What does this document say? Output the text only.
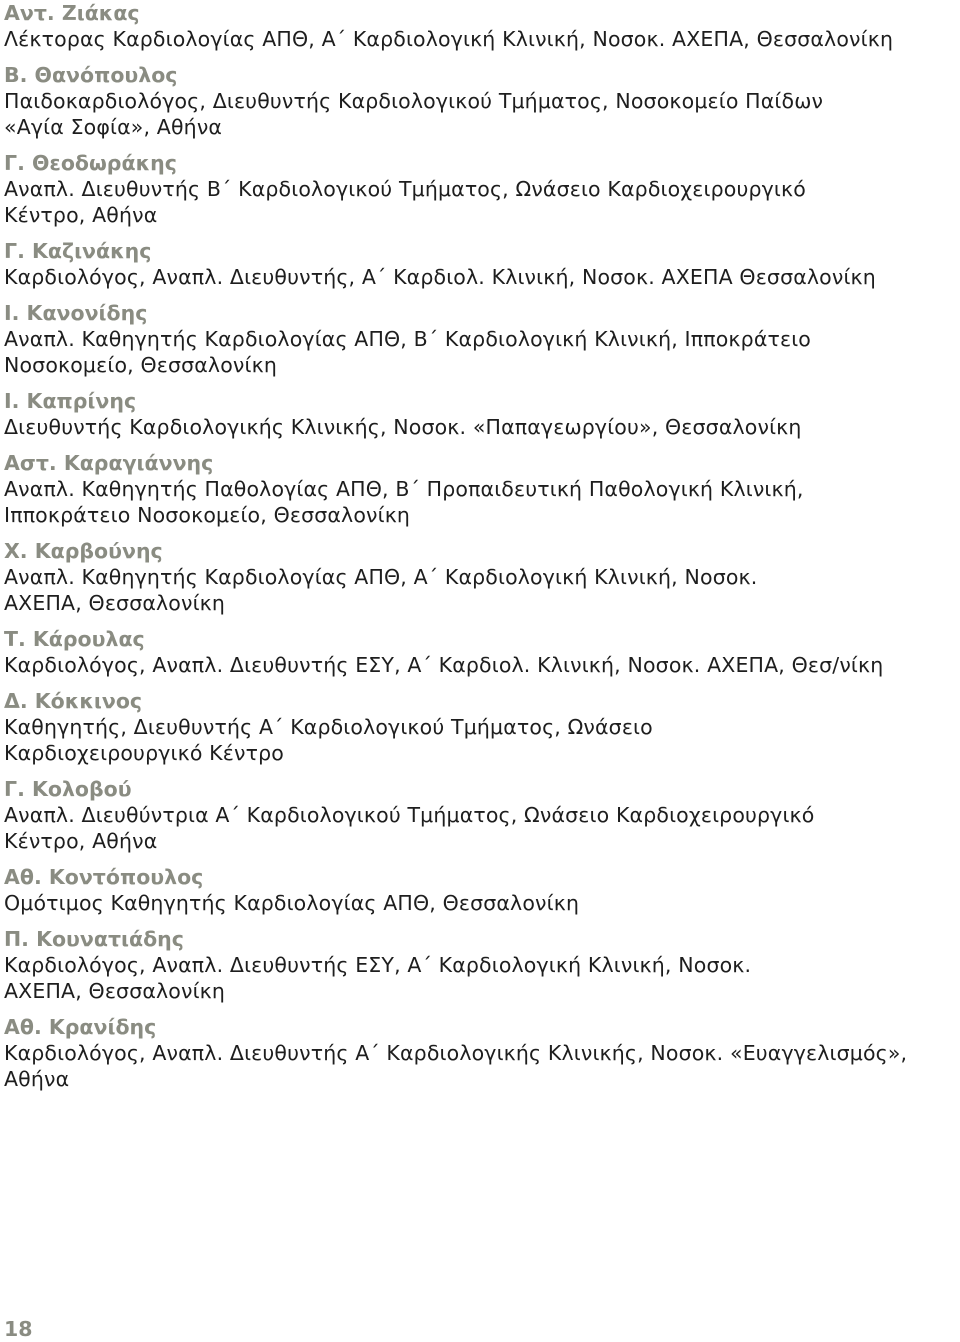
Αντ. Ζιάκας
Λέκτορας Καρδιολογίας ΑΠΘ, Α΄ Καρδιολογική Κλινική, Νοσοκ. ΑΧΕΠΑ, Θεσσαλονίκη
Β. Θανόπουλος
Παιδοκαρδιολόγος, Διευθυντής Καρδιολογικού Τμήματος, Νοσοκομείο Παίδων
«Αγία Σοφία», Αθήνα
Γ. Θεοδωράκης
Αναπλ. Διευθυντής Β΄ Καρδιολογικού Τμήματος, Ωνάσειο Καρδιοχειρουργικό
Κέντρο, Αθήνα
Γ. Καζινάκης
Καρδιολόγος, Αναπλ. Διευθυντής, Α΄ Καρδιολ. Κλινική, Νοσοκ. ΑΧΕΠΑ Θεσσαλονίκη
Ι. Κανονίδης
Αναπλ. Καθηγητής Καρδιολογίας ΑΠΘ, Β΄ Καρδιολογική Κλινική, Ιπποκράτειο
Νοσοκομείο, Θεσσαλονίκη
Ι. Καπρίνης
Διευθυντής Καρδιολογικής Κλινικής, Νοσοκ. «Παπαγεωργίου», Θεσσαλονίκη
Αστ. Καραγιάννης
Αναπλ. Καθηγητής Παθολογίας ΑΠΘ, Β΄ Προπαιδευτική Παθολογική Κλινική,
Ιπποκράτειο Νοσοκομείο, Θεσσαλονίκη
Χ. Καρβούνης
Αναπλ. Καθηγητής Καρδιολογίας ΑΠΘ, Α΄ Καρδιολογική Κλινική, Νοσοκ.
ΑΧΕΠΑ, Θεσσαλονίκη
Τ. Κάρουλας
Καρδιολόγος, Αναπλ. Διευθυντής ΕΣΥ, Α΄ Καρδιολ. Κλινική, Νοσοκ. ΑΧΕΠΑ, Θεσ/νίκη
Δ. Κόκκινος
Καθηγητής, Διευθυντής Α΄ Καρδιολογικού Τμήματος, Ωνάσειο
Καρδιοχειρουργικό Κέντρο
Γ. Κολοβού
Αναπλ. Διευθύντρια Α΄ Καρδιολογικού Τμήματος, Ωνάσειο Καρδιοχειρουργικό
Κέντρο, Αθήνα
Αθ. Κοντόπουλος
Ομότιμος Καθηγητής Καρδιολογίας ΑΠΘ, Θεσσαλονίκη
Π. Κουνατιάδης
Καρδιολόγος, Αναπλ. Διευθυντής ΕΣΥ, Α΄ Καρδιολογική Κλινική, Νοσοκ.
ΑΧΕΠΑ, Θεσσαλονίκη
Αθ. Κρανίδης
Καρδιολόγος, Αναπλ. Διευθυντής Α΄ Καρδιολογικής Κλινικής, Νοσοκ. «Ευαγγελισμός»,
Αθήνα
18
